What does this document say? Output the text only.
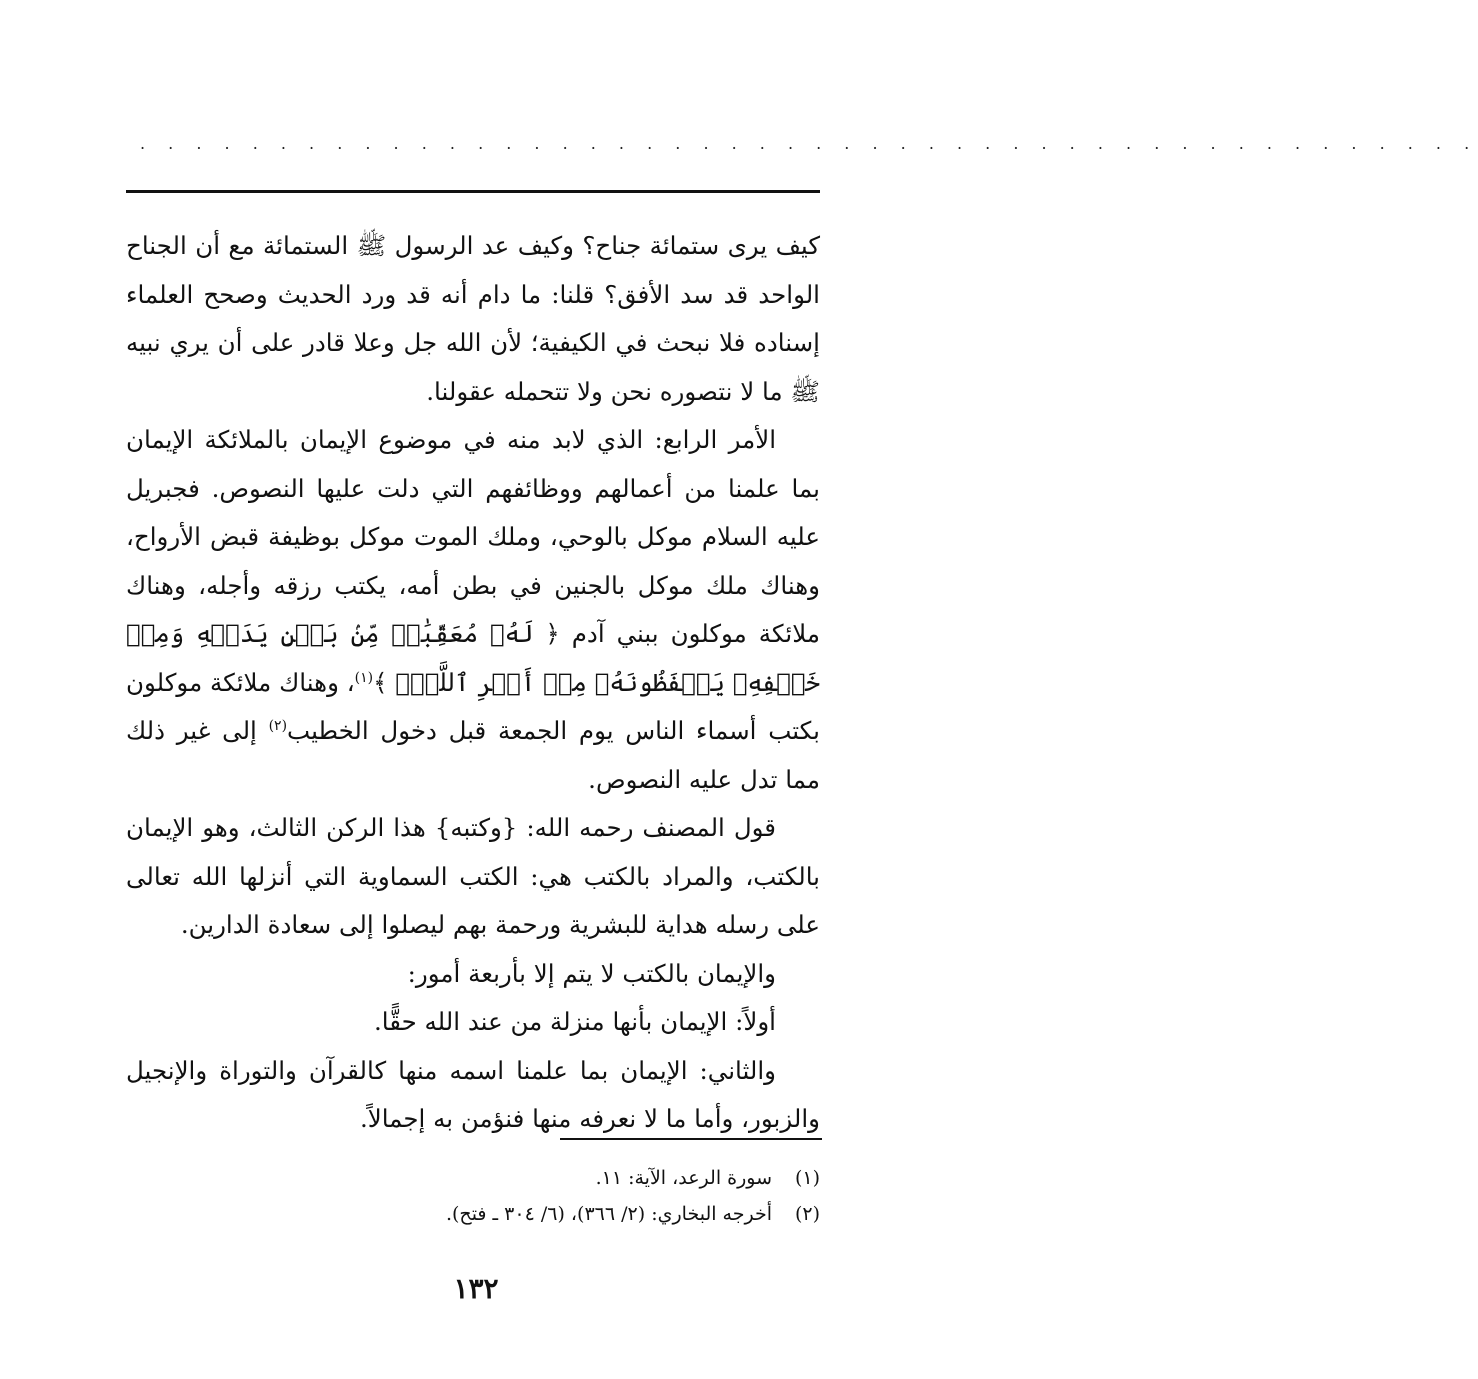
. . . . . . . . . . . . . . . . . . . . . . . . . . . . . . . . . . . . . . . . . . . . . . . .

كيف يرى ستمائة جناح؟ وكيف عد الرسول ﷺ الستمائة مع أن الجناح الواحد قد سد الأفق؟ قلنا: ما دام أنه قد ورد الحديث وصحح العلماء إسناده فلا نبحث في الكيفية؛ لأن الله جل وعلا قادر على أن يري نبيه ﷺ ما لا نتصوره نحن ولا تتحمله عقولنا.

الأمر الرابع: الذي لابد منه في موضوع الإيمان بالملائكة الإيمان بما علمنا من أعمالهم ووظائفهم التي دلت عليها النصوص. فجبريل عليه السلام موكل بالوحي، وملك الموت موكل بوظيفة قبض الأرواح، وهناك ملك موكل بالجنين في بطن أمه، يكتب رزقه وأجله، وهناك ملائكة موكلون ببني آدم ﴿ لَهُۥ مُعَقِّبَٰتٞ مِّنۢ بَيۡنِ يَدَيۡهِ وَمِنۡ خَلۡفِهِۦ يَحۡفَظُونَهُۥ مِنۡ أَمۡرِ ٱللَّهِۗ ﴾$^{(١)}$، وهناك ملائكة موكلون بكتب أسماء الناس يوم الجمعة قبل دخول الخطيب$^{(٢)}$ إلى غير ذلك مما تدل عليه النصوص.

قول المصنف رحمه الله: {وكتبه} هذا الركن الثالث، وهو الإيمان بالكتب، والمراد بالكتب هي: الكتب السماوية التي أنزلها الله تعالى على رسله هداية للبشرية ورحمة بهم ليصلوا إلى سعادة الدارين.

والإيمان بالكتب لا يتم إلا بأربعة أمور:

أولاً: الإيمان بأنها منزلة من عند الله حقًّا.

والثاني: الإيمان بما علمنا اسمه منها كالقرآن والتوراة والإنجيل والزبور، وأما ما لا نعرفه منها فنؤمن به إجمالاً.

(١)
سورة الرعد، الآية: ١١.
(٢)
أخرجه البخاري: (٢/ ٣٦٦)، (٦/ ٣٠٤ ـ فتح).
١٣٢
